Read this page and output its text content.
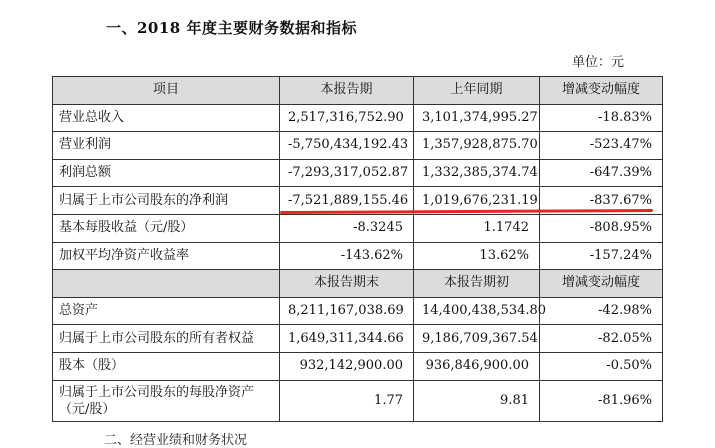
一、2018 年度主要财务数据和指标
单位：元
项目	本报告期	上年同期	增减变动幅度
营业总收入	2,517,316,752.90	3,101,374,995.27	-18.83%
营业利润	-5,750,434,192.43	1,357,928,875.70	-523.47%
利润总额	-7,293,317,052.87	1,332,385,374.74	-647.39%
归属于上市公司股东的净利润	-7,521,889,155.46	1,019,676,231.19	-837.67%
基本每股收益（元/股）	-8.3245	1.1742	-808.95%
加权平均净资产收益率	-143.62%	13.62%	-157.24%
	本报告期末	本报告期初	增减变动幅度
总资产	8,211,167,038.69	14,400,438,534.80	-42.98%
归属于上市公司股东的所有者权益	1,649,311,344.66	9,186,709,367.54	-82.05%
股本（股）	932,142,900.00	936,846,900.00	-0.50%
归属于上市公司股东的每股净资产（元/股）	1.77	9.81	-81.96%
二、经营业绩和财务状况
